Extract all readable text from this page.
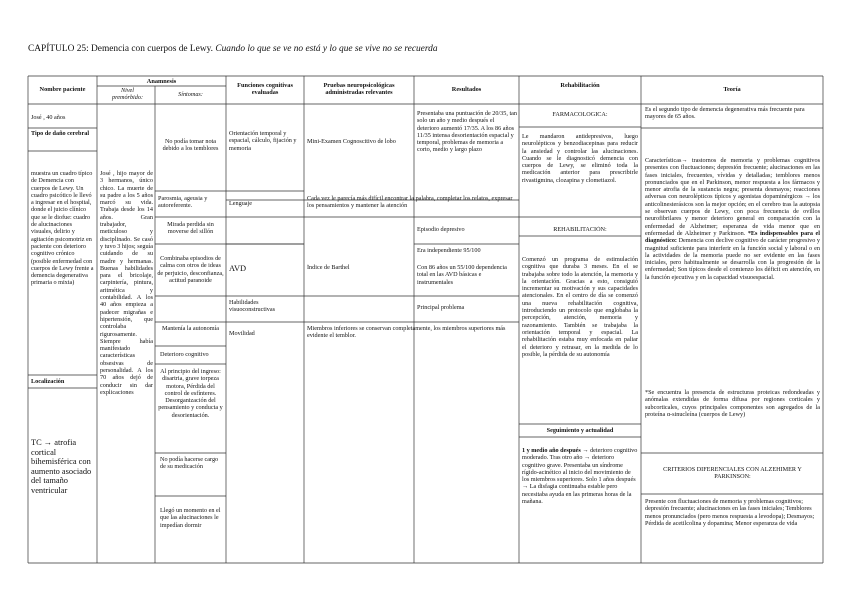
CAPÍTULO 25: Demencia con cuerpos de Lewy. Cuando lo que se ve no está y lo que se vive no se recuerda
Nombre paciente
Anamnesis
Nivel premórbido:	Síntomas:
Funciones cognitivas evaluadas
Pruebas neuropsicológicas administradas relevantes	Resultados
Rehabilitación
Teoría
José , 40 años
Tipo de daño cerebral
muestra un cuadro típico de Demencia con cuerpos de Lewy. Un cuadro psicótico le llevó a ingresar en el hospital, donde el juicio clínico que se le diofue: cuadro de alucinaciones visuales, delirio y agitación psicomotriz en paciente con deterioro cognitivo crónico (posible enfermedad con cuerpos de Lewy frente a demencia degenerativa primaria o mixta)
Localización
TC → atrofia cortical bihemisférica con aumento asociado del tamaño ventricular
José , hijo mayor de 3 hermanos, único chico. La muerte de su padre a los 5 años marcó su vida. Trabaja desde los 14 años. Gran trabajador, meticuloso y disciplinado. Se casó y tuvo 3 hijos; seguía cuidando de su madre y hermanas. Buenas habilidades para el bricolaje, carpintería, pintura, aritmética y contabilidad. A los 40 años empieza a padecer migrañas e hipertensión, que controlaba rigurosamente. Siempre había manifestado características obsesivas de personalidad. A los 70 años dejó de conducir sin dar explicaciones
No podía tomar nota debido a los temblores
Parosmia, ageusia y autoreferente.
Mirada perdida sin moverse del sillón
Combinaba episodios de calma con otros de ideas de perjuicio, desconfianza, actitud paranoide
Mantenía la autonomía
Deterioro cognitivo
Al principio del ingreso: disartria, grave torpeza motora, Pérdida del control de esfínteres. Desorganización del pensamiento y conducta y desorientación.
No podía hacerse cargo de su medicación
Llegó un momento en el que las alucinaciones le impedían dormir
Orientación temporal y espacial, cálculo, fijación y memoria
Lenguaje
AVD
Habilidades visuoconstructivas
Movilidad
Mini-Examen Cognoscitivo de lobo
Índice de Barthel
Cada vez le parecía más difícil encontrar la palabra, completar los relatos, expresar los pensamientos y mantener la atención
Miembros inferiores se conservan completamente, los miembros superiores más evidente el temblor.
Presentaba una puntuación de 20/35, tan solo un año y medio después el deterioro aumentó 17/35. A los 86 años 11/35 intensa desorientación espacial y temporal, problemas de memoria a corto, medio y largo plazo
Episodio depresivo
Era independiente 95/100
Con 86 años un 55/100 dependencia total en las AVD básicas e instrumentales
Principal problema
FARMACOLOGICA:
Le mandaron antidepresivos, luego neurolépticos y benzodiacepinas para reducir la ansiedad y controlar las alucinaciones. Cuando se le diagnosticó demencia con cuerpos de Lewy, se eliminó toda la medicación anterior para prescribirle rivastigmina, clozapina y clometiazol.
REHABILITACIÓN:
Comenzó un programa de estimulación cognitiva que duraba 3 meses. En el se trabajaba sobre todo la atención, la memoria y la orientación. Gracias a esto, consiguió incrementar su motivación y sus capacidades atencionales. En el centro de día se comenzó una nueva rehabilitación cognitiva, introduciendo un protocolo que englobaba la percepción, atención, memoria y razonamiento. También se trabajaba la orientación temporal y espacial. La rehabilitación estaba muy enfocada en paliar el deterioro y retrasar, en la medida de lo posible, la pérdida de su autonomía
Seguimiento y actualidad
1 y medio año después → deterioro cognitivo moderado. Tras otro año → deterioro cognitivo grave. Presentaba un síndrome rígido-acinético al inicio del movimiento de los miembros superiores. Solo 1 años después → La disfagia continuaba estable pero necesitaba ayuda en las primeras horas de la mañana.
Es el segundo tipo de demencia degenerativa más frecuente para mayores de 65 años.
Características→ trastornos de memoria y problemas cognitivos presentes con fluctuaciones; depresión frecuente; alucinaciones en las fases iniciales, frecuentes, vívidas y detalladas; temblores menos pronunciados que en el Parkinson, menor respuesta a los fármacos y menor atrofia de la sustancia negra; presenta desmayos; reacciones adversas con neurolépticos típicos y agonistas dopaminérgicos → los anticolinesterásicos son la mejor opción; en el cerebro tras la autopsia se observan cuerpos de Lewy, con poca frecuencia de ovillos neurofibrilares y menor deterioro general en comparación con la enfermedad de Alzheimer; esperanza de vida menor que en enfermedad de Alzheimer y Parkinson. *Es indispensables para el diagnóstico: Demencia con declive cognitivo de carácter progresivo y magnitud suficiente para interferir en la función social y laboral o en la actividades de la memoria puede no ser evidente en las fases iniciales, pero habitualmente se desarrolla con la progresión de la enfermedad; Son típicos desde el comienzo los déficit en atención, en la función ejecutiva y en la capacidad visuoespacial.
*Se encuentra la presencia de estructuras proteicas redondeadas y anómalas extendidas de forma difusa por regiones corticales y subcorticales, cuyos principales componentes son agregados de la proteína α-sinucleína (cuerpos de Lewy)
CRITERIOS DIFERENCIALES CON ALZEHIMER Y PARKINSON:
Presente con fluctuaciones de memoria y problemas cognitivos; depresión frecuente; alucinaciones en las fases iniciales; Temblores menos pronunciados (pero menos respuesta a levodopa); Desmayos; Pérdida de acetilcolina y dopamina; Menor esperanza de vida
